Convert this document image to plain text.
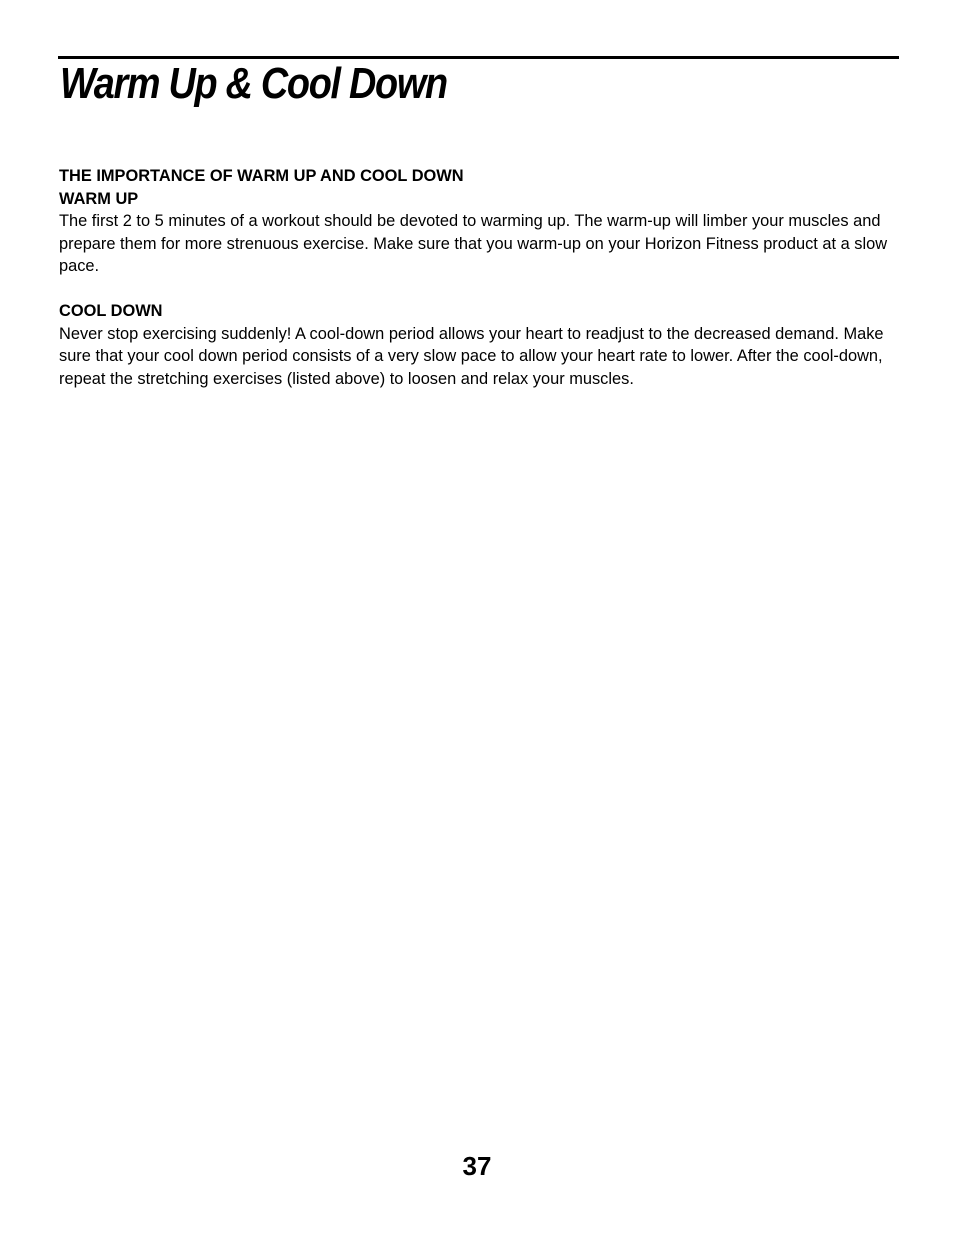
Warm Up & Cool Down

THE IMPORTANCE OF WARM UP AND COOL DOWN

WARM UP

The first 2 to 5 minutes of a workout should be devoted to warming up. The warm-up will limber your muscles and prepare them for more strenuous exercise. Make sure that you warm-up on your Horizon Fitness product at a slow pace.

COOL DOWN

Never stop exercising suddenly! A cool-down period allows your heart to readjust to the decreased demand. Make sure that your cool down period consists of a very slow pace to allow your heart rate to lower. After the cool-down, repeat the stretching exercises (listed above) to loosen and relax your muscles.

37
